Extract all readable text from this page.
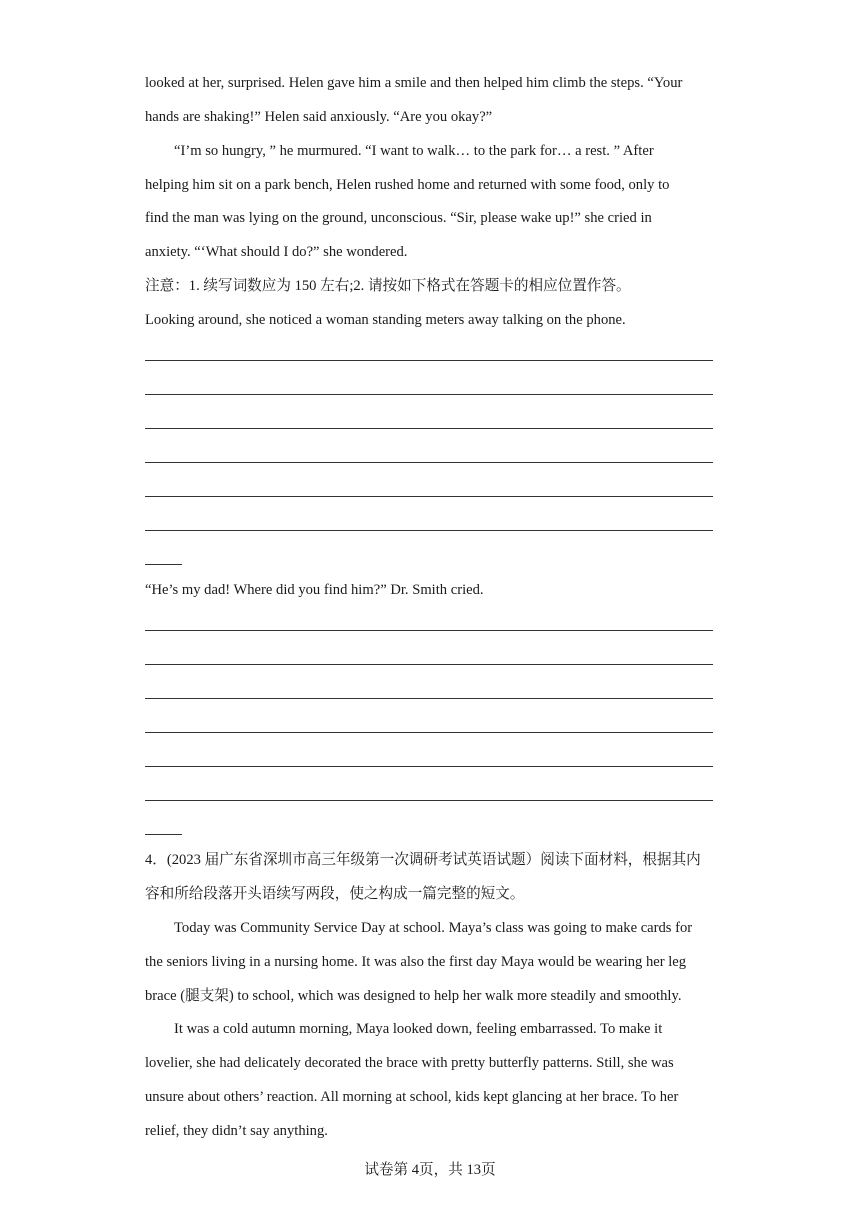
looked at her, surprised. Helen gave him a smile and then helped him climb the steps. “Your
hands are shaking!” Helen said anxiously. “Are you okay?”
“I’m so hungry, ” he murmured. “I want to walk… to the park for… a rest. ” After
helping him sit on a park bench, Helen rushed home and returned with some food, only to
find the man was lying on the ground, unconscious. “Sir, please wake up!” she cried in
anxiety. “‘What should I do?” she wondered.
注意：1. 续写词数应为 150 左右;2. 请按如下格式在答题卡的相应位置作答。
Looking around, she noticed a woman standing meters away talking on the phone.
“He’s my dad! Where did you find him?” Dr. Smith cried.
4．(2023 届广东省深圳市高三年级第一次调研考试英语试题）阅读下面材料，根据其内
容和所给段落开头语续写两段，使之构成一篇完整的短文。
Today was Community Service Day at school. Maya’s class was going to make cards for
the seniors living in a nursing home. It was also the first day Maya would be wearing her leg
brace (腿支架) to school, which was designed to help her walk more steadily and smoothly.
It was a cold autumn morning, Maya looked down, feeling embarrassed. To make it
lovelier, she had delicately decorated the brace with pretty butterfly patterns. Still, she was
unsure about others’ reaction. All morning at school, kids kept glancing at her brace. To her
relief, they didn’t say anything.
试卷第 4页，共 13页
